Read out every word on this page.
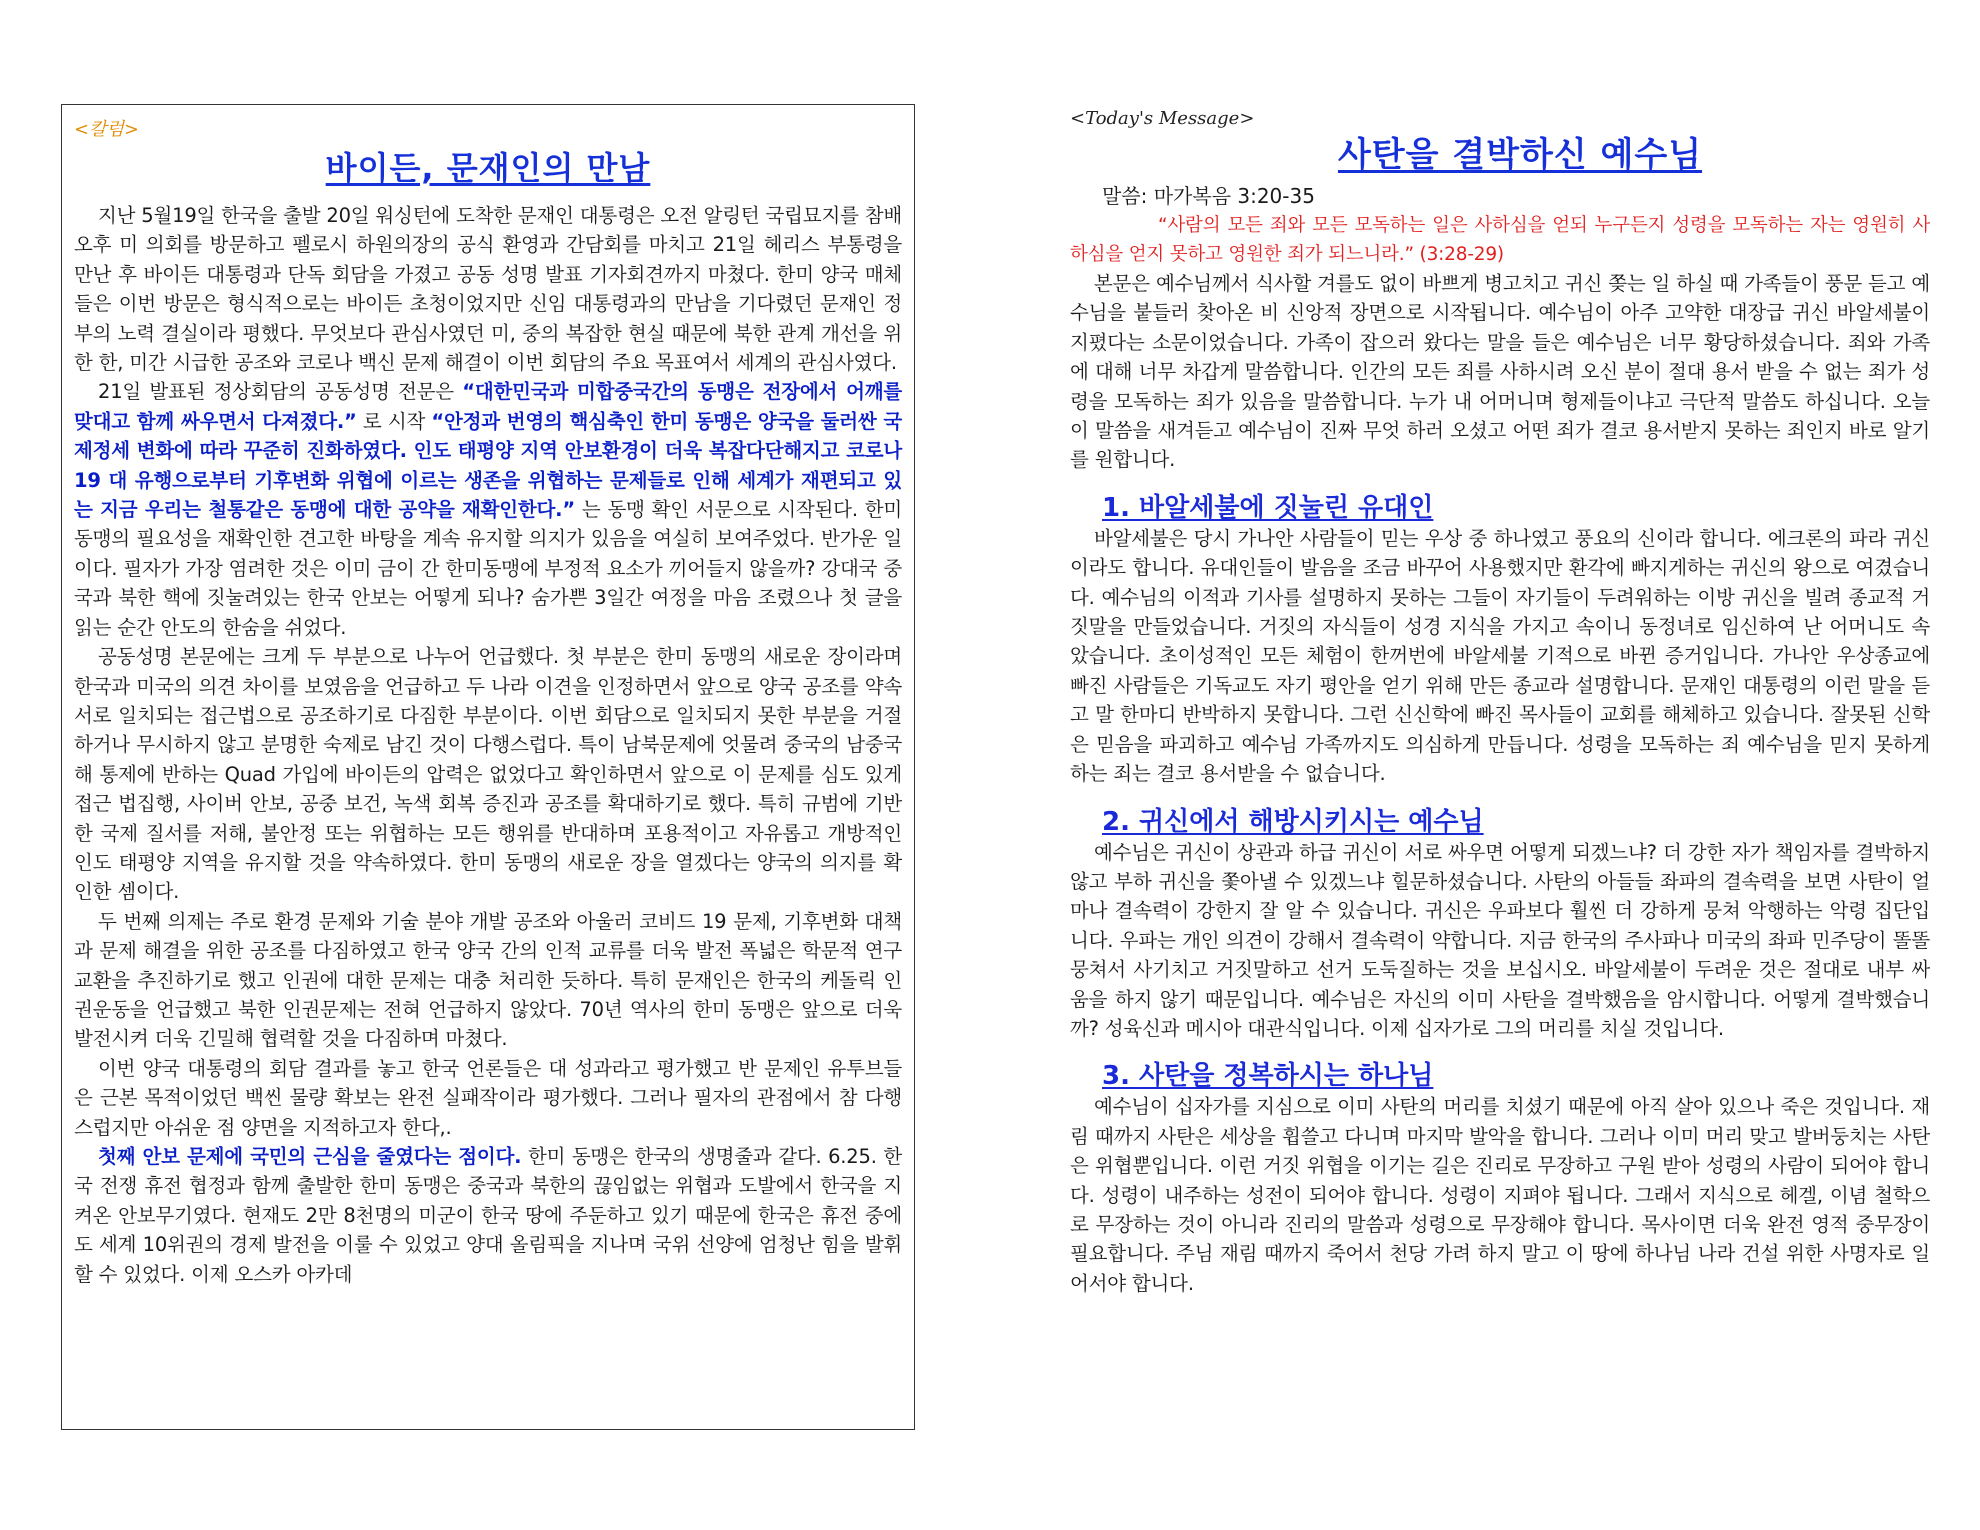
<칼럼>
바이든, 문재인의 만남

지난 5월19일 한국을 출발 20일 워싱턴에 도착한 문재인 대통령은 오전 알링턴 국립묘지를 참배 오후 미 의회를 방문하고 펠로시 하원의장의 공식 환영과 간담회를 마치고 21일 헤리스 부통령을 만난 후 바이든 대통령과 단독 회담을 가졌고 공동 성명 발표 기자회견까지 마쳤다. 한미 양국 매체들은 이번 방문은 형식적으로는 바이든 초청이었지만 신임 대통령과의 만남을 기다렸던 문재인 정부의 노력 결실이라 평했다. 무엇보다 관심사였던 미, 중의 복잡한 현실 때문에 북한 관계 개선을 위한 한, 미간 시급한 공조와 코로나 백신 문제 해결이 이번 회담의 주요 목표여서 세계의 관심사였다.

21일 발표된 정상회담의 공동성명 전문은 “대한민국과 미합중국간의 동맹은 전장에서 어깨를 맞대고 함께 싸우면서 다져졌다.” 로 시작 “안정과 번영의 핵심축인 한미 동맹은 양국을 둘러싼 국제정세 변화에 따라 꾸준히 진화하였다. 인도 태평양 지역 안보환경이 더욱 복잡다단해지고 코로나 19 대 유행으로부터 기후변화 위협에 이르는 생존을 위협하는 문제들로 인해 세계가 재편되고 있는 지금 우리는 철통같은 동맹에 대한 공약을 재확인한다.” 는 동맹 확인 서문으로 시작된다. 한미 동맹의 필요성을 재확인한 견고한 바탕을 계속 유지할 의지가 있음을 여실히 보여주었다. 반가운 일이다. 필자가 가장 염려한 것은 이미 금이 간 한미동맹에 부정적 요소가 끼어들지 않을까? 강대국 중국과 북한 핵에 짓눌려있는 한국 안보는 어떻게 되나? 숨가쁜 3일간 여정을 마음 조렸으나 첫 글을 읽는 순간 안도의 한숨을 쉬었다.

공동성명 본문에는 크게 두 부분으로 나누어 언급했다. 첫 부분은 한미 동맹의 새로운 장이라며 한국과 미국의 의견 차이를 보였음을 언급하고 두 나라 이견을 인정하면서 앞으로 양국 공조를 약속 서로 일치되는 접근법으로 공조하기로 다짐한 부분이다. 이번 회담으로 일치되지 못한 부분을 거절하거나 무시하지 않고 분명한 숙제로 남긴 것이 다행스럽다. 특이 남북문제에 엇물려 중국의 남중국해 통제에 반하는 Quad 가입에 바이든의 압력은 없었다고 확인하면서 앞으로 이 문제를 심도 있게 접근 법집행, 사이버 안보, 공중 보건, 녹색 회복 증진과 공조를 확대하기로 했다. 특히 규범에 기반한 국제 질서를 저해, 불안정 또는 위협하는 모든 행위를 반대하며 포용적이고 자유롭고 개방적인 인도 태평양 지역을 유지할 것을 약속하였다. 한미 동맹의 새로운 장을 열겠다는 양국의 의지를 확인한 셈이다.

두 번째 의제는 주로 환경 문제와 기술 분야 개발 공조와 아울러 코비드 19 문제, 기후변화 대책과 문제 해결을 위한 공조를 다짐하였고 한국 양국 간의 인적 교류를 더욱 발전 폭넓은 학문적 연구 교환을 추진하기로 했고 인권에 대한 문제는 대충 처리한 듯하다. 특히 문재인은 한국의 케돌릭 인권운동을 언급했고 북한 인권문제는 전혀 언급하지 않았다. 70년 역사의 한미 동맹은 앞으로 더욱 발전시켜 더욱 긴밀해 협력할 것을 다짐하며 마쳤다.

이번 양국 대통령의 회담 결과를 놓고 한국 언론들은 대 성과라고 평가했고 반 문제인 유투브들은 근본 목적이었던 백씬 물량 확보는 완전 실패작이라 평가했다. 그러나 필자의 관점에서 참 다행스럽지만 아쉬운 점 양면을 지적하고자 한다,.

첫째 안보 문제에 국민의 근심을 줄였다는 점이다. 한미 동맹은 한국의 생명줄과 같다. 6.25. 한국 전쟁 휴전 협정과 함께 출발한 한미 동맹은 중국과 북한의 끊임없는 위협과 도발에서 한국을 지켜온 안보무기였다. 현재도 2만 8천명의 미군이 한국 땅에 주둔하고 있기 때문에 한국은 휴전 중에도 세계 10위권의 경제 발전을 이룰 수 있었고 양대 올림픽을 지나며 국위 선양에 엄청난 힘을 발휘할 수 있었다. 이제 오스카 아카데

<Today's Message>
사탄을 결박하신 예수님
말씀: 마가복음 3:20-35

“사람의 모든 죄와 모든 모독하는 일은 사하심을 얻되 누구든지 성령을 모독하는 자는 영원히 사하심을 얻지 못하고 영원한 죄가 되느니라.” (3:28-29)

본문은 예수님께서 식사할 겨를도 없이 바쁘게 병고치고 귀신 쫒는 일 하실 때 가족들이 풍문 듣고 예수님을 붙들러 찾아온 비 신앙적 장면으로 시작됩니다. 예수님이 아주 고약한 대장급 귀신 바알세불이 지폈다는 소문이었습니다. 가족이 잡으러 왔다는 말을 들은 예수님은 너무 황당하셨습니다. 죄와 가족에 대해 너무 차갑게 말씀합니다. 인간의 모든 죄를 사하시려 오신 분이 절대 용서 받을 수 없는 죄가 성령을 모독하는 죄가 있음을 말씀합니다. 누가 내 어머니며 형제들이냐고 극단적 말씀도 하십니다. 오늘 이 말씀을 새겨듣고 예수님이 진짜 무엇 하러 오셨고 어떤 죄가 결코 용서받지 못하는 죄인지 바로 알기를 원합니다.

1. 바알세불에 짓눌린 유대인

바알세불은 당시 가나안 사람들이 믿는 우상 중 하나였고 풍요의 신이라 합니다. 에크론의 파라 귀신이라도 합니다. 유대인들이 발음을 조금 바꾸어 사용했지만 환각에 빠지게하는 귀신의 왕으로 여겼습니다. 예수님의 이적과 기사를 설명하지 못하는 그들이 자기들이 두려워하는 이방 귀신을 빌려 종교적 거짓말을 만들었습니다. 거짓의 자식들이 성경 지식을 가지고 속이니 동정녀로 임신하여 난 어머니도 속았습니다. 초이성적인 모든 체험이 한꺼번에 바알세불 기적으로 바뀐 증거입니다. 가나안 우상종교에 빠진 사람들은 기독교도 자기 평안을 얻기 위해 만든 종교라 설명합니다. 문재인 대통령의 이런 말을 듣고 말 한마디 반박하지 못합니다. 그런 신신학에 빠진 목사들이 교회를 해체하고 있습니다. 잘못된 신학은 믿음을 파괴하고 예수님 가족까지도 의심하게 만듭니다. 성령을 모독하는 죄 예수님을 믿지 못하게 하는 죄는 결코 용서받을 수 없습니다.

2. 귀신에서 해방시키시는 예수님

예수님은 귀신이 상관과 하급 귀신이 서로 싸우면 어떻게 되겠느냐? 더 강한 자가 책임자를 결박하지 않고 부하 귀신을 쫓아낼 수 있겠느냐 힐문하셨습니다. 사탄의 아들들 좌파의 결속력을 보면 사탄이 얼마나 결속력이 강한지 잘 알 수 있습니다. 귀신은 우파보다 훨씬 더 강하게 뭉쳐 악행하는 악령 집단입니다. 우파는 개인 의견이 강해서 결속력이 약합니다. 지금 한국의 주사파나 미국의 좌파 민주당이 똘똘 뭉쳐서 사기치고 거짓말하고 선거 도둑질하는 것을 보십시오. 바알세불이 두려운 것은 절대로 내부 싸움을 하지 않기 때문입니다. 예수님은 자신의 이미 사탄을 결박했음을 암시합니다. 어떻게 결박했습니까? 성육신과 메시아 대관식입니다. 이제 십자가로 그의 머리를 치실 것입니다.

3. 사탄을 정복하시는 하나님

예수님이 십자가를 지심으로 이미 사탄의 머리를 치셨기 때문에 아직 살아 있으나 죽은 것입니다. 재림 때까지 사탄은 세상을 휩쓸고 다니며 마지막 발악을 합니다. 그러나 이미 머리 맞고 발버둥치는 사탄은 위협뿐입니다. 이런 거짓 위협을 이기는 길은 진리로 무장하고 구원 받아 성령의 사람이 되어야 합니다. 성령이 내주하는 성전이 되어야 합니다. 성령이 지펴야 됩니다. 그래서 지식으로 헤겔, 이념 철학으로 무장하는 것이 아니라 진리의 말씀과 성령으로 무장해야 합니다. 목사이면 더욱 완전 영적 중무장이 필요합니다. 주님 재림 때까지 죽어서 천당 가려 하지 말고 이 땅에 하나님 나라 건설 위한 사명자로 일어서야 합니다.
